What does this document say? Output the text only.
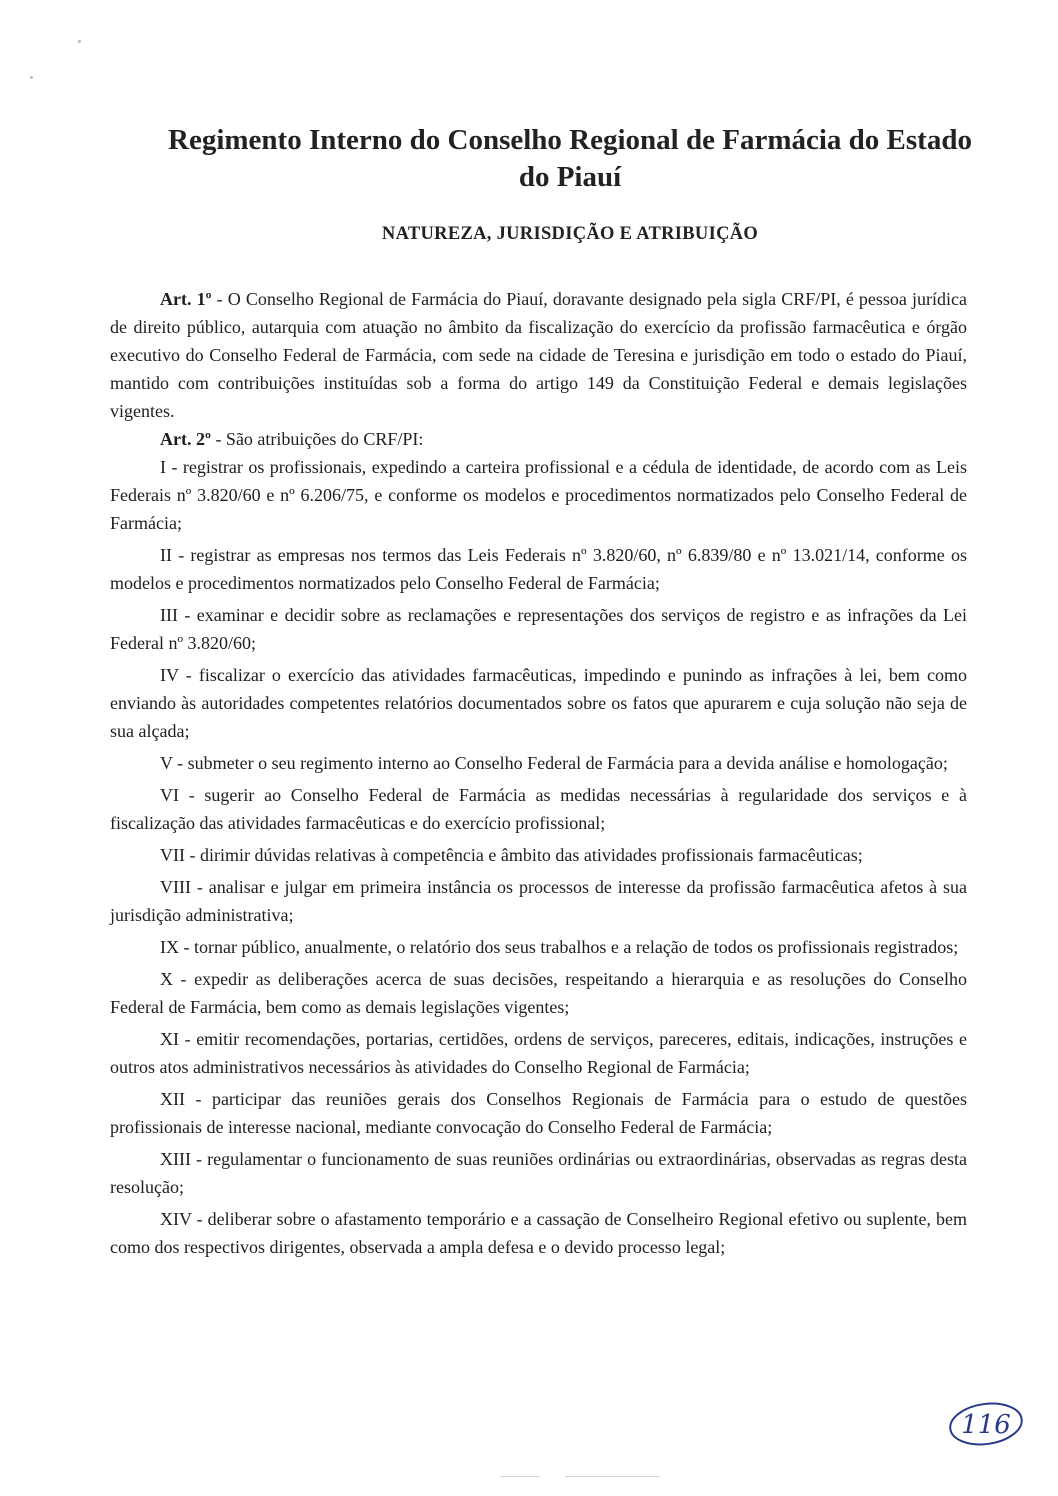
Regimento Interno do Conselho Regional de Farmácia do Estado
do Piauí
NATUREZA, JURISDIÇÃO E ATRIBUIÇÃO

Art. 1º - O Conselho Regional de Farmácia do Piauí, doravante designado pela sigla CRF/PI, é pessoa jurídica de direito público, autarquia com atuação no âmbito da fiscalização do exercício da profissão farmacêutica e órgão executivo do Conselho Federal de Farmácia, com sede na cidade de Teresina e jurisdição em todo o estado do Piauí, mantido com contribuições instituídas sob a forma do artigo 149 da Constituição Federal e demais legislações vigentes.

Art. 2º - São atribuições do CRF/PI:

I - registrar os profissionais, expedindo a carteira profissional e a cédula de identidade, de acordo com as Leis Federais nº 3.820/60 e nº 6.206/75, e conforme os modelos e procedimentos normatizados pelo Conselho Federal de Farmácia;

II - registrar as empresas nos termos das Leis Federais nº 3.820/60, nº 6.839/80 e nº 13.021/14, conforme os modelos e procedimentos normatizados pelo Conselho Federal de Farmácia;

III - examinar e decidir sobre as reclamações e representações dos serviços de registro e as infrações da Lei Federal nº 3.820/60;

IV - fiscalizar o exercício das atividades farmacêuticas, impedindo e punindo as infrações à lei, bem como enviando às autoridades competentes relatórios documentados sobre os fatos que apurarem e cuja solução não seja de sua alçada;

V - submeter o seu regimento interno ao Conselho Federal de Farmácia para a devida análise e homologação;

VI - sugerir ao Conselho Federal de Farmácia as medidas necessárias à regularidade dos serviços e à fiscalização das atividades farmacêuticas e do exercício profissional;

VII - dirimir dúvidas relativas à competência e âmbito das atividades profissionais farmacêuticas;

VIII - analisar e julgar em primeira instância os processos de interesse da profissão farmacêutica afetos à sua jurisdição administrativa;

IX - tornar público, anualmente, o relatório dos seus trabalhos e a relação de todos os profissionais registrados;

X - expedir as deliberações acerca de suas decisões, respeitando a hierarquia e as resoluções do Conselho Federal de Farmácia, bem como as demais legislações vigentes;

XI - emitir recomendações, portarias, certidões, ordens de serviços, pareceres, editais, indicações, instruções e outros atos administrativos necessários às atividades do Conselho Regional de Farmácia;

XII - participar das reuniões gerais dos Conselhos Regionais de Farmácia para o estudo de questões profissionais de interesse nacional, mediante convocação do Conselho Federal de Farmácia;

XIII - regulamentar o funcionamento de suas reuniões ordinárias ou extraordinárias, observadas as regras desta resolução;

XIV - deliberar sobre o afastamento temporário e a cassação de Conselheiro Regional efetivo ou suplente, bem como dos respectivos dirigentes, observada a ampla defesa e o devido processo legal;

116
